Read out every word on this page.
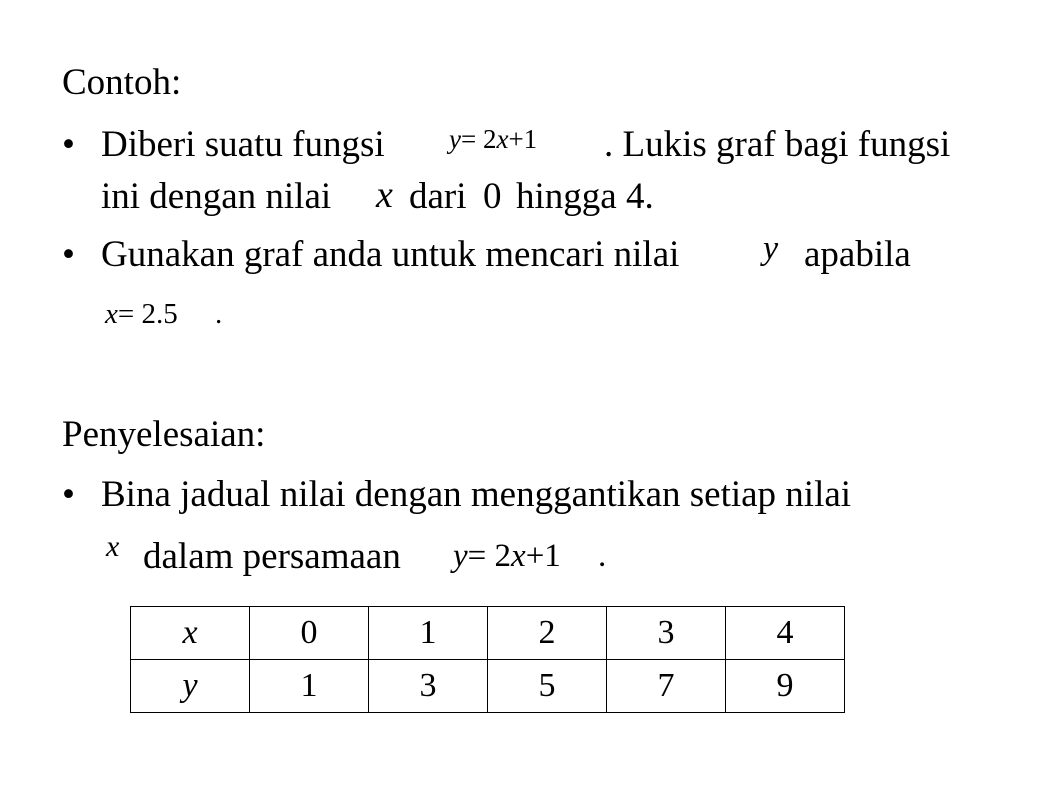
Contoh:
• Diberi suatu fungsi y= 2x+1 . Lukis graf bagi fungsi
ini dengan nilai x dari 0 hingga 4.
• Gunakan graf anda untuk mencari nilai y apabila
x= 2.5 .
Penyelesaian:
• Bina jadual nilai dengan menggantikan setiap nilai
x dalam persamaan y= 2x+1 .
x	0	1	2	3	4
y	1	3	5	7	9
